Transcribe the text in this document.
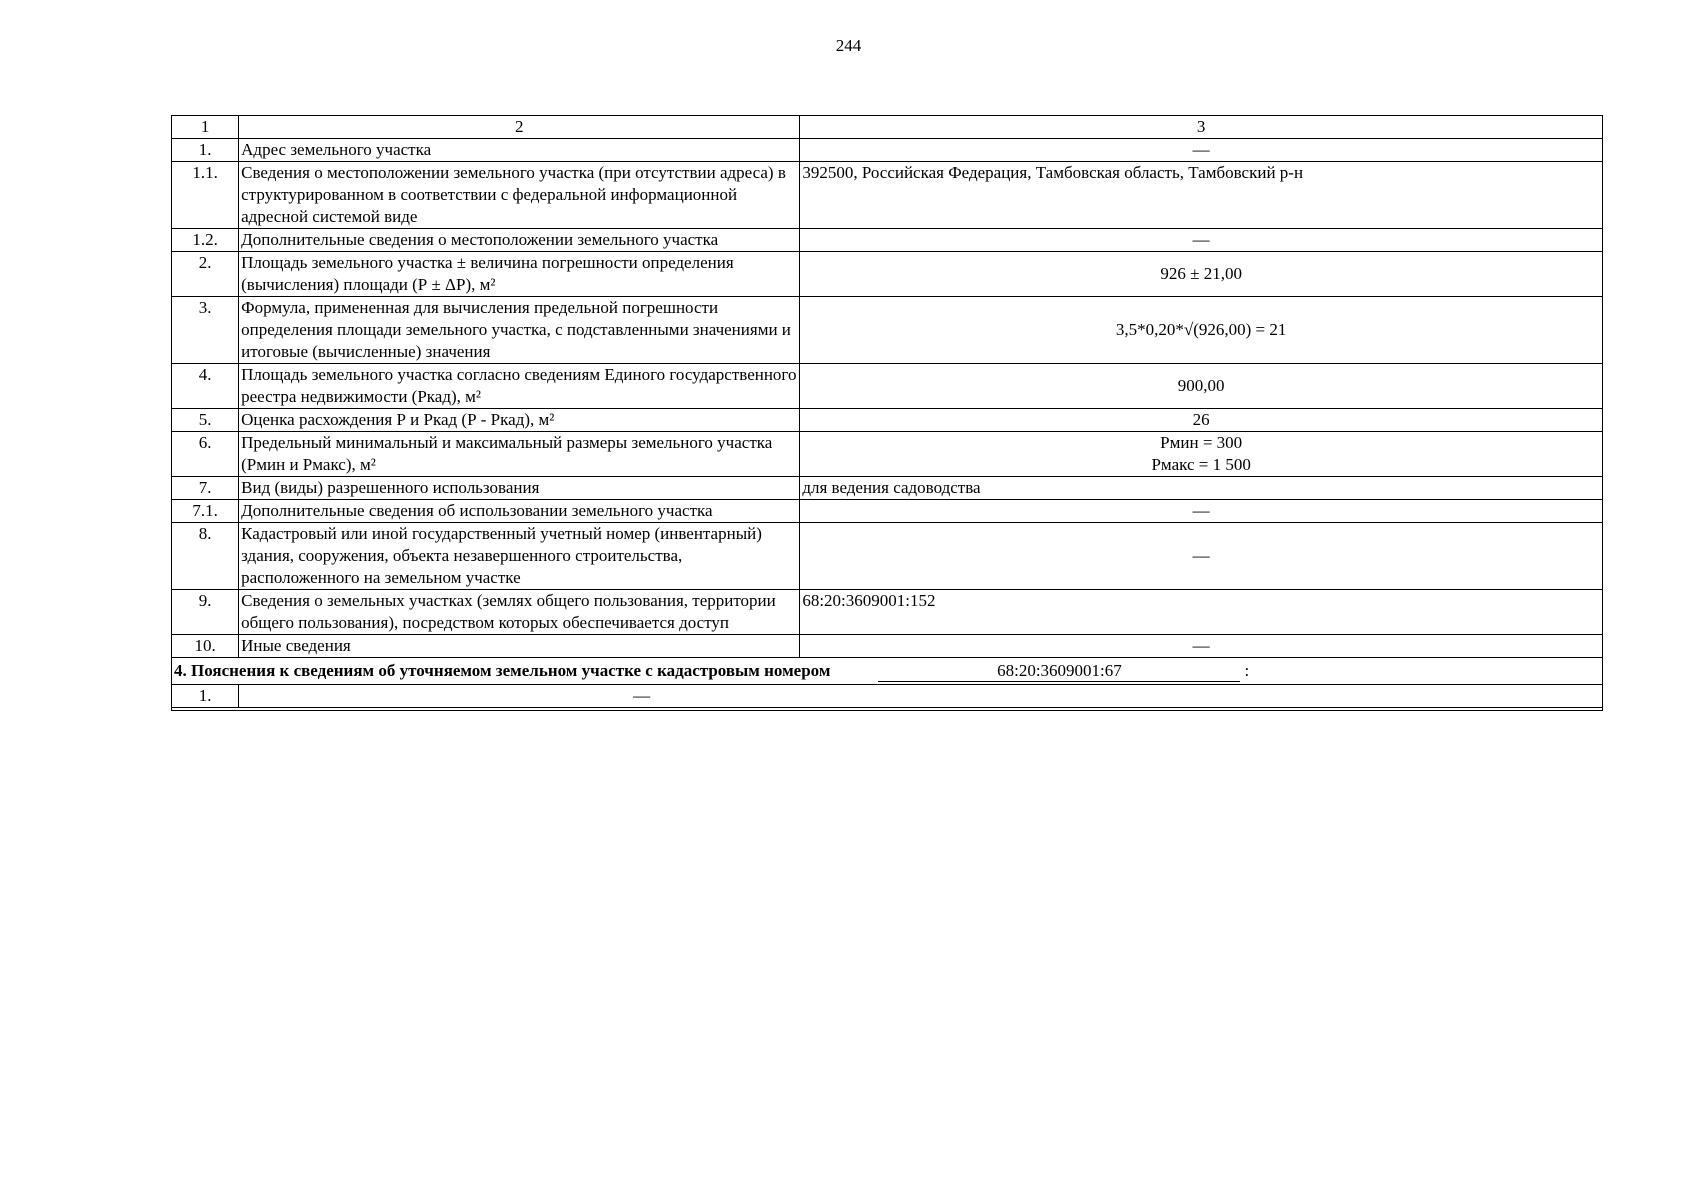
244
1	2	3
1.	Адрес земельного участка	—
1.1.	Сведения о местоположении земельного участка (при отсутствии адреса) в структурированном в соответствии с федеральной информационной адресной системой виде	392500, Российская Федерация, Тамбовская область, Тамбовский р-н
1.2.	Дополнительные сведения о местоположении земельного участка	—
2.	Площадь земельного участка ± величина погрешности определения (вычисления) площади (Р ± ΔР), м²	926 ± 21,00
3.	Формула, примененная для вычисления предельной погрешности определения площади земельного участка, с подставленными значениями и итоговые (вычисленные) значения	3,5*0,20*√(926,00) = 21
4.	Площадь земельного участка согласно сведениям Единого государственного реестра недвижимости (Ркад), м²	900,00
5.	Оценка расхождения Р и Ркад (Р - Ркад), м²	26
6.	Предельный минимальный и максимальный размеры земельного участка (Рмин и Рмакс), м²	Рмин = 300
Рмакс = 1 500

7.	Вид (виды) разрешенного использования	для ведения садоводства
7.1.	Дополнительные сведения об использовании земельного участка	—
8.	Кадастровый или иной государственный учетный номер (инвентарный) здания, сооружения, объекта незавершенного строительства, расположенного на земельном участке	—
9.	Сведения о земельных участках (землях общего пользования, территории общего пользования), посредством которых обеспечивается доступ	68:20:3609001:152
10.	Иные сведения	—

4. Пояснения к сведениям об уточняемом земельном участке с кадастровым номером 68:20:3609001:67 :		

1.	—	
